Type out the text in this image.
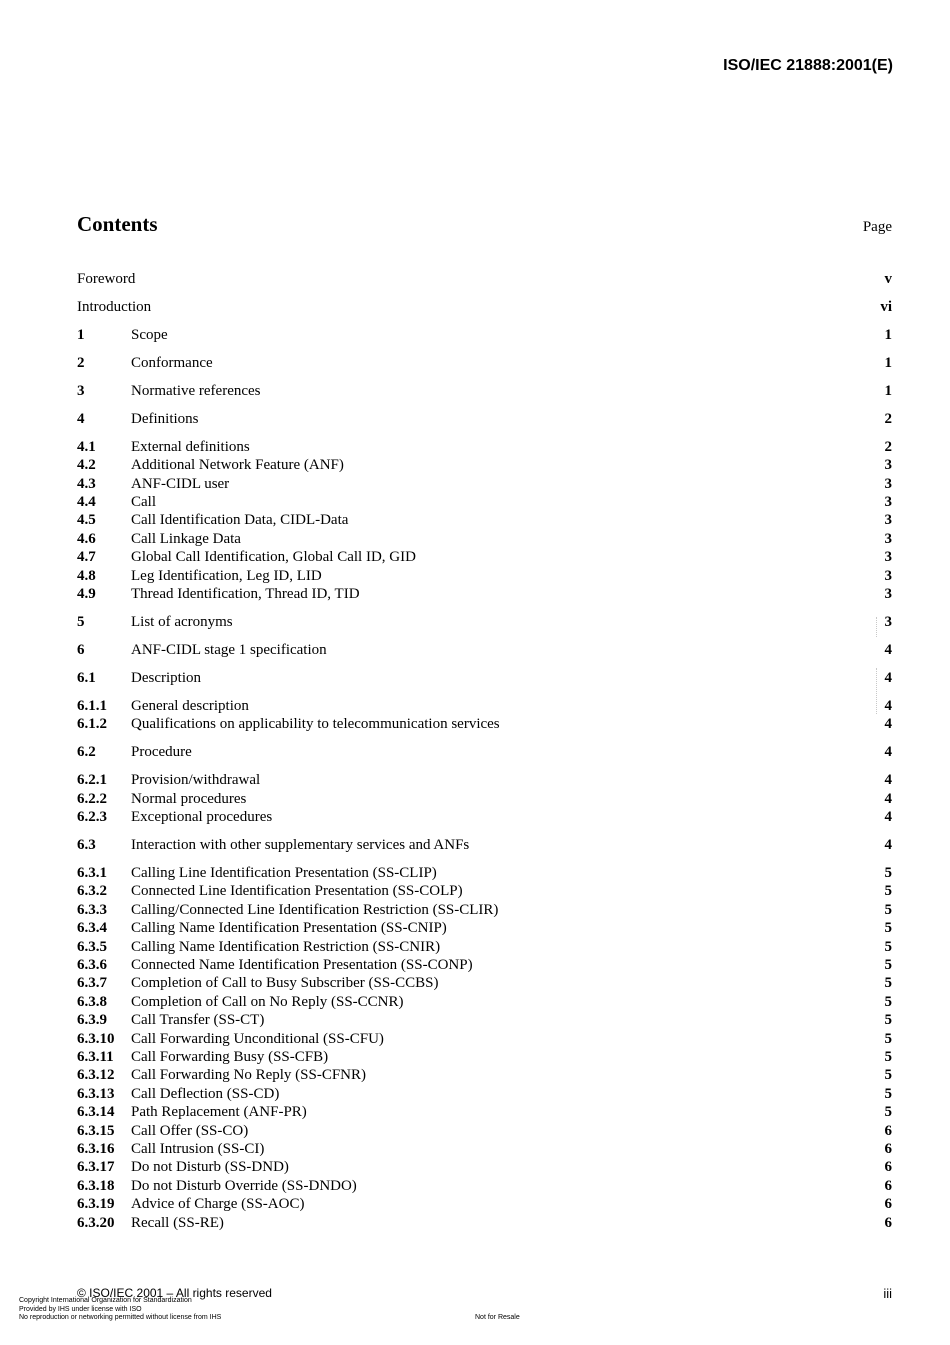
ISO/IEC 21888:2001(E)
Contents	Page
Foreword	v
Introduction	vi
1	Scope	1
2	Conformance	1
3	Normative references	1
4	Definitions	2
4.1 External definitions	2
4.2 Additional Network Feature (ANF)	3
4.3 ANF-CIDL user	3
4.4 Call	3
4.5 Call Identification Data, CIDL-Data	3
4.6 Call Linkage Data	3
4.7 Global Call Identification, Global Call ID, GID	3
4.8 Leg Identification, Leg ID, LID	3
4.9 Thread Identification, Thread ID, TID	3
5	List of acronyms	3
6	ANF-CIDL stage 1 specification	4
6.1 Description	4
6.1.1 General description	4
6.1.2 Qualifications on applicability to telecommunication services	4
6.2 Procedure	4
6.2.1 Provision/withdrawal	4
6.2.2 Normal procedures	4
6.2.3 Exceptional procedures	4
6.3 Interaction with other supplementary services and ANFs	4
6.3.1 Calling Line Identification Presentation (SS-CLIP)	5
6.3.2 Connected Line Identification Presentation (SS-COLP)	5
6.3.3 Calling/Connected Line Identification Restriction (SS-CLIR)	5
6.3.4 Calling Name Identification Presentation (SS-CNIP)	5
6.3.5 Calling Name Identification Restriction (SS-CNIR)	5
6.3.6 Connected Name Identification Presentation (SS-CONP)	5
6.3.7 Completion of Call to Busy Subscriber (SS-CCBS)	5
6.3.8 Completion of Call on No Reply (SS-CCNR)	5
6.3.9 Call Transfer (SS-CT)	5
6.3.10 Call Forwarding Unconditional (SS-CFU)	5
6.3.11 Call Forwarding Busy (SS-CFB)	5
6.3.12 Call Forwarding No Reply (SS-CFNR)	5
6.3.13 Call Deflection (SS-CD)	5
6.3.14 Path Replacement (ANF-PR)	5
6.3.15 Call Offer (SS-CO)	6
6.3.16 Call Intrusion (SS-CI)	6
6.3.17 Do not Disturb (SS-DND)	6
6.3.18 Do not Disturb Override (SS-DNDO)	6
6.3.19 Advice of Charge (SS-AOC)	6
6.3.20 Recall (SS-RE)	6
© ISO/IEC 2001 – All rights reserved	iii
Copyright International Organization for Standardization
Provided by IHS under license with ISO
No reproduction or networking permitted without license from IHS	Not for Resale
